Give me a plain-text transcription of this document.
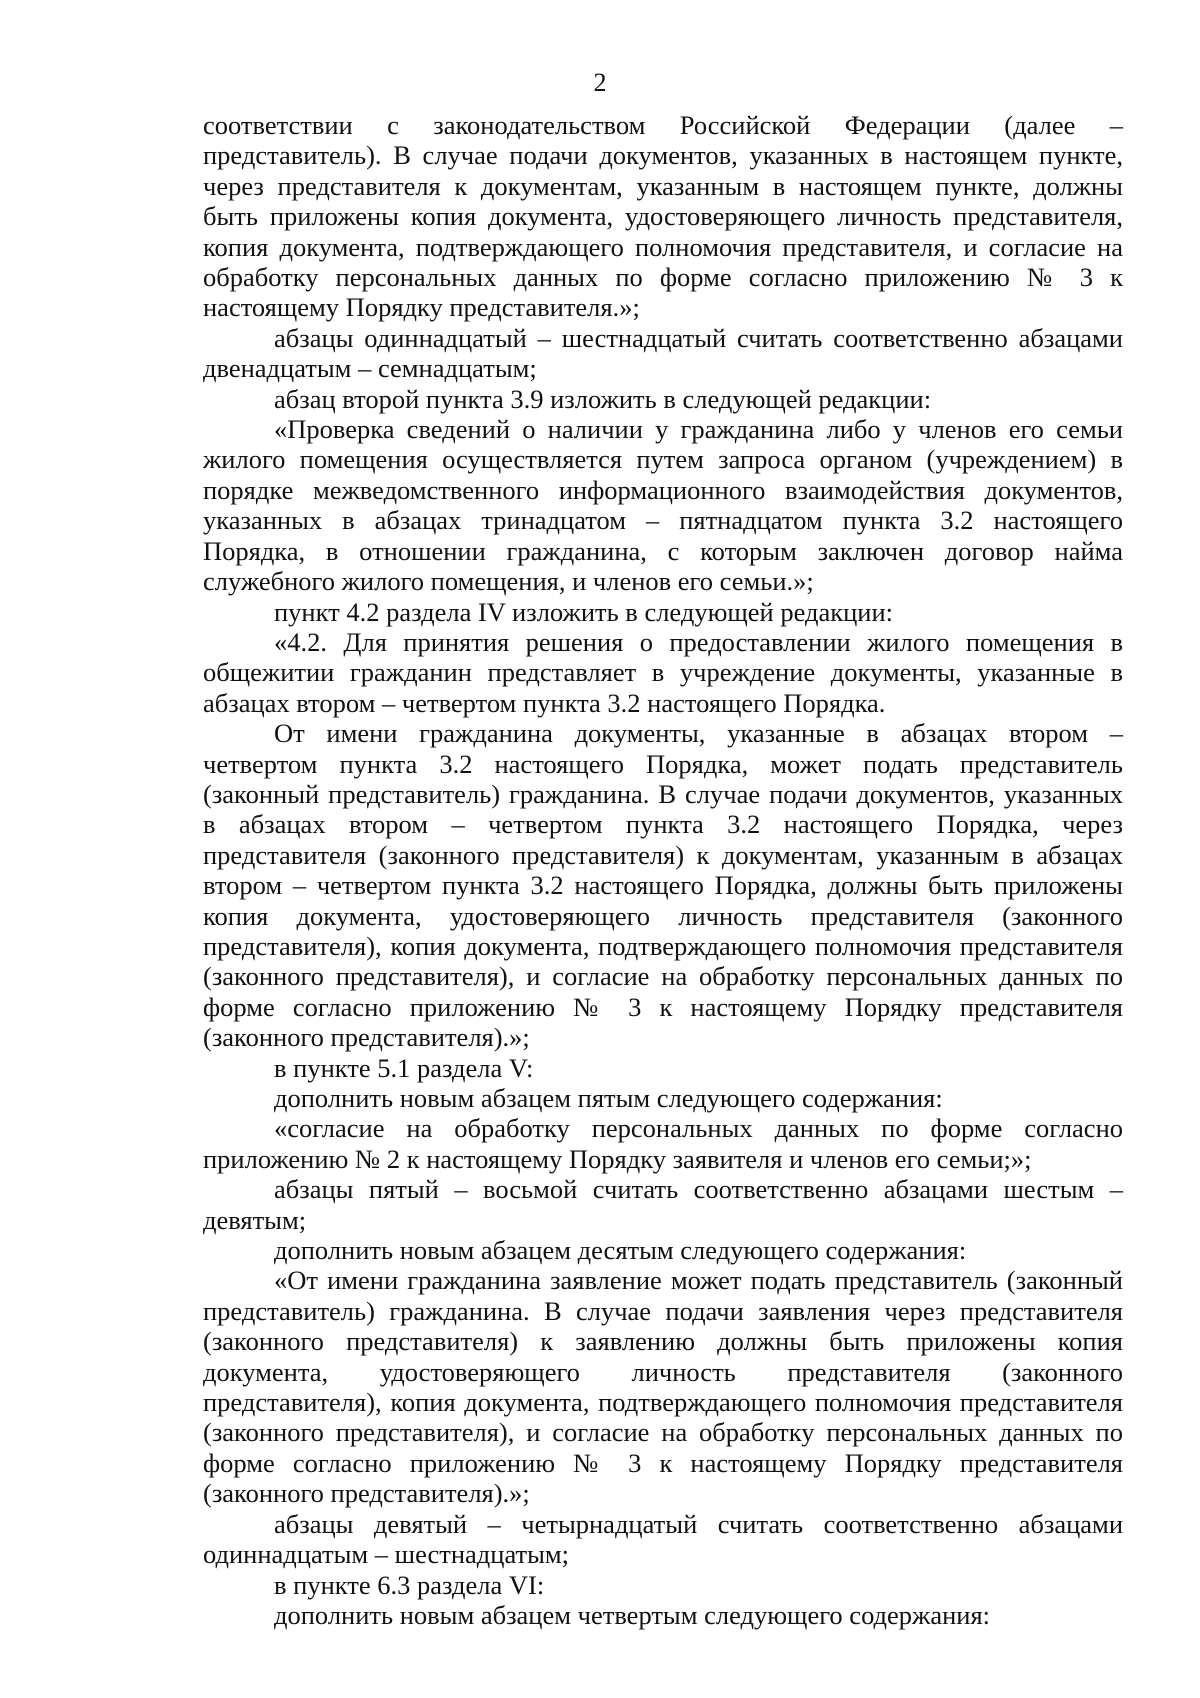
2

соответствии с законодательством Российской Федерации (далее – представитель). В случае подачи документов, указанных в настоящем пункте, через представителя к документам, указанным в настоящем пункте, должны быть приложены копия документа, удостоверяющего личность представителя, копия документа, подтверждающего полномочия представителя, и согласие на обработку персональных данных по форме согласно приложению № 3 к настоящему Порядку представителя.»;

абзацы одиннадцатый – шестнадцатый считать соответственно абзацами двенадцатым – семнадцатым;

абзац второй пункта 3.9 изложить в следующей редакции:

«Проверка сведений о наличии у гражданина либо у членов его семьи жилого помещения осуществляется путем запроса органом (учреждением) в порядке межведомственного информационного взаимодействия документов, указанных в абзацах тринадцатом – пятнадцатом пункта 3.2 настоящего Порядка, в отношении гражданина, с которым заключен договор найма служебного жилого помещения, и членов его семьи.»;

пункт 4.2 раздела IV изложить в следующей редакции:

«4.2. Для принятия решения о предоставлении жилого помещения в общежитии гражданин представляет в учреждение документы, указанные в абзацах втором – четвертом пункта 3.2 настоящего Порядка.

От имени гражданина документы, указанные в абзацах втором – четвертом пункта 3.2 настоящего Порядка, может подать представитель (законный представитель) гражданина. В случае подачи документов, указанных в абзацах втором – четвертом пункта 3.2 настоящего Порядка, через представителя (законного представителя) к документам, указанным в абзацах втором – четвертом пункта 3.2 настоящего Порядка, должны быть приложены копия документа, удостоверяющего личность представителя (законного представителя), копия документа, подтверждающего полномочия представителя (законного представителя), и согласие на обработку персональных данных по форме согласно приложению № 3 к настоящему Порядку представителя (законного представителя).»;

в пункте 5.1 раздела V:

дополнить новым абзацем пятым следующего содержания:

«согласие на обработку персональных данных по форме согласно приложению № 2 к настоящему Порядку заявителя и членов его семьи;»;

абзацы пятый – восьмой считать соответственно абзацами шестым – девятым;

дополнить новым абзацем десятым следующего содержания:

«От имени гражданина заявление может подать представитель (законный представитель) гражданина. В случае подачи заявления через представителя (законного представителя) к заявлению должны быть приложены копия документа, удостоверяющего личность представителя (законного представителя), копия документа, подтверждающего полномочия представителя (законного представителя), и согласие на обработку персональных данных по форме согласно приложению № 3 к настоящему Порядку представителя (законного представителя).»;

абзацы девятый – четырнадцатый считать соответственно абзацами одиннадцатым – шестнадцатым;

в пункте 6.3 раздела VI:

дополнить новым абзацем четвертым следующего содержания:
